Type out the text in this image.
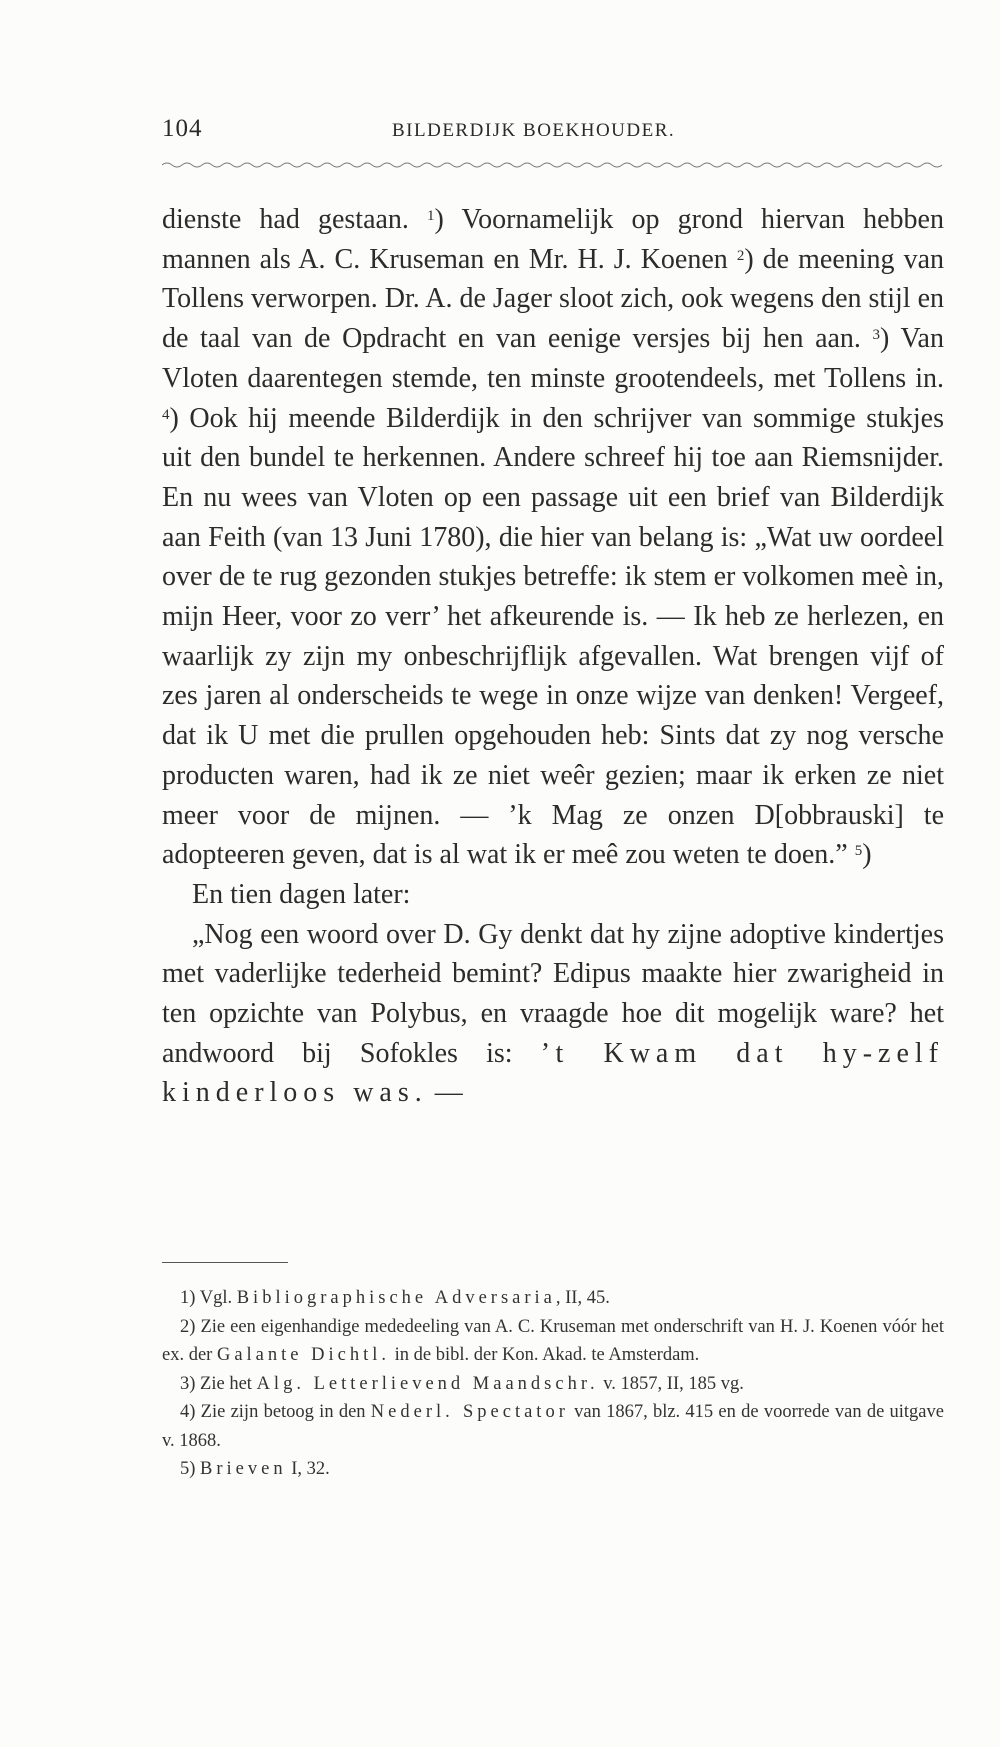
104	BILDERDIJK BOEKHOUDER.

dienste had gestaan. $^1$) Voornamelijk op grond hiervan hebben mannen als A. C. Kruseman en Mr. H. J. Koenen $^2$) de meening van Tollens verworpen. Dr. A. de Jager sloot zich, ook wegens den stijl en de taal van de Opdracht en van eenige versjes bij hen aan. $^3$) Van Vloten daarentegen stemde, ten minste grootendeels, met Tollens in. $^4$) Ook hij meende Bilderdijk in den schrijver van sommige stukjes uit den bundel te herkennen. Andere schreef hij toe aan Riemsnijder. En nu wees van Vloten op een passage uit een brief van Bilderdijk aan Feith (van 13 Juni 1780), die hier van belang is: „Wat uw oordeel over de te rug gezonden stukjes betreffe: ik stem er volkomen meè in, mijn Heer, voor zo verr’ het afkeurende is. — Ik heb ze herlezen, en waarlijk zy zijn my onbeschrijflijk afgevallen. Wat brengen vijf of zes jaren al onderscheids te wege in onze wijze van denken! Vergeef, dat ik U met die prullen opgehouden heb: Sints dat zy nog versche producten waren, had ik ze niet weêr gezien; maar ik erken ze niet meer voor de mijnen. — ’k Mag ze onzen D[obbrauski] te adopteeren geven, dat is al wat ik er meê zou weten te doen.” $^5$)

En tien dagen later:

„Nog een woord over D. Gy denkt dat hy zijne adoptive kindertjes met vaderlijke tederheid bemint? Edipus maakte hier zwarigheid in ten opzichte van Polybus, en vraagde hoe dit mogelijk ware? het andwoord bij Sofokles is: ’t Kwam dat hy-zelf kinderloos was. —

1) Vgl. Bibliographische Adversaria, II, 45.

2) Zie een eigenhandige mededeeling van A. C. Kruseman met onderschrift van H. J. Koenen vóór het ex. der Galante Dichtl. in de bibl. der Kon. Akad. te Amsterdam.

3) Zie het Alg. Letterlievend Maandschr. v. 1857, II, 185 vg.

4) Zie zijn betoog in den Nederl. Spectator van 1867, blz. 415 en de voorrede van de uitgave v. 1868.

5) Brieven I, 32.
